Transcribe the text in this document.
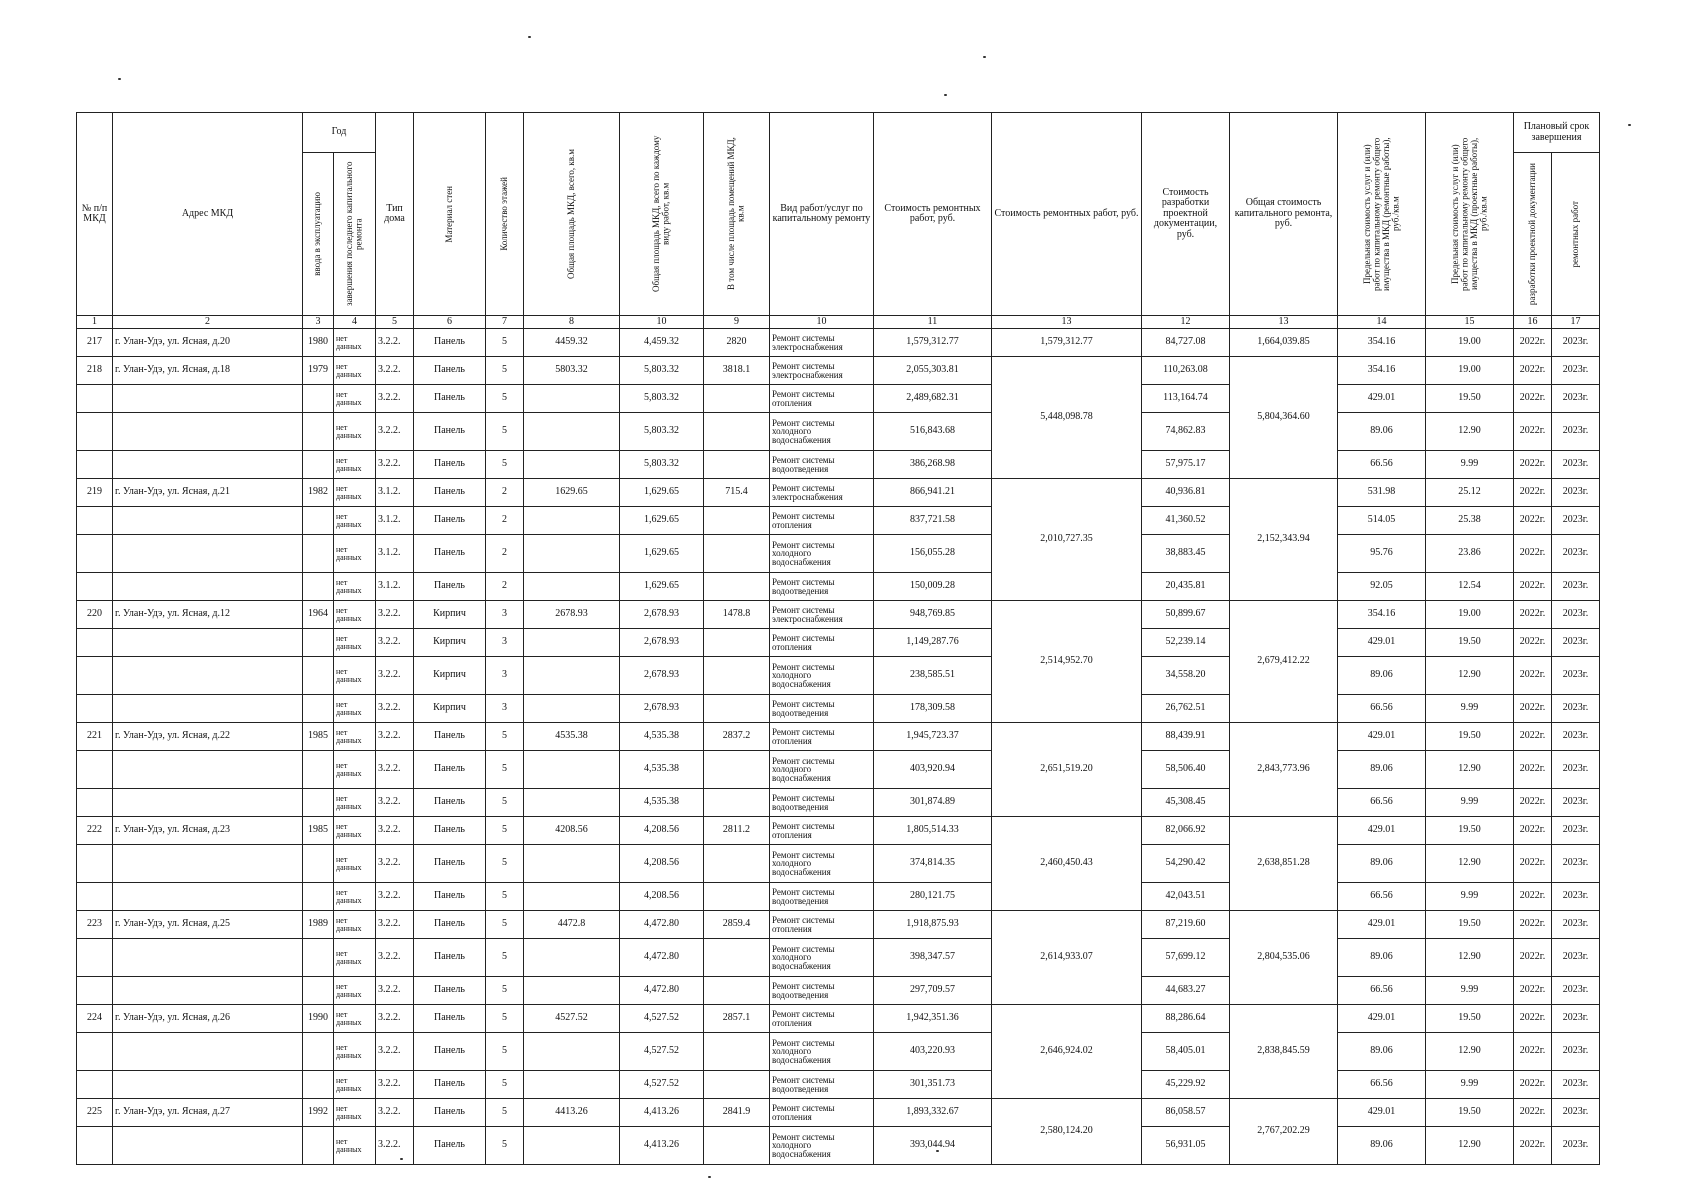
№ п/п МКД	Адрес МКД	Год		Тип дома	Материал стен	Количество этажей	Общая площадь МКД, всего, кв.м	Общая площадь МКД, всего по каждому виду работ, кв.м	В том числе площадь помещений МКД, кв.м	Вид работ/услуг по капитальному ремонту	Стоимость ремонтных работ, руб.	Стоимость ремонтных работ, руб.	Стоимость разработки проектной документации, руб.	Общая стоимость капитального ремонта, руб.	Предельная стоимость услуг и (или) работ по капитальному ремонту общего имущества в МКД (ремонтные работы), руб./кв.м	Предельная стоимость услуг и (или) работ по капитальному ремонту общего имущества в МКД (проектные работы), руб./кв.м	Плановый срок завершения	

		ввода в эксплуатацию	завершения последнего капитального ремонта														разработки проектной документации	ремонтных работ

1	2	3	4	5	6	7	8	10	9	10	11	13	12	13	14	15	16	17
217	г. Улан-Удэ, ул. Ясная, д.20	1980	нет данных	3.2.2.	Панель	5	4459.32	4,459.32	2820	Ремонт системы электроснабжения	1,579,312.77	1,579,312.77	84,727.08	1,664,039.85	354.16	19.00	2022г.	2023г.
218	г. Улан-Удэ, ул. Ясная, д.18	1979	нет данных	3.2.2.	Панель	5	5803.32	5,803.32	3818.1	Ремонт системы электроснабжения	2,055,303.81	5,448,098.78	110,263.08	5,804,364.60	354.16	19.00	2022г.	2023г.
			нет данных	3.2.2.	Панель	5		5,803.32		Ремонт системы отопления	2,489,682.31		113,164.74		429.01	19.50	2022г.	2023г.
			нет данных	3.2.2.	Панель	5		5,803.32		Ремонт системы холодного водоснабжения	516,843.68		74,862.83		89.06	12.90	2022г.	2023г.
			нет данных	3.2.2.	Панель	5		5,803.32		Ремонт системы водоотведения	386,268.98		57,975.17		66.56	9.99	2022г.	2023г.
219	г. Улан-Удэ, ул. Ясная, д.21	1982	нет данных	3.1.2.	Панель	2	1629.65	1,629.65	715.4	Ремонт системы электроснабжения	866,941.21	2,010,727.35	40,936.81	2,152,343.94	531.98	25.12	2022г.	2023г.
			нет данных	3.1.2.	Панель	2		1,629.65		Ремонт системы отопления	837,721.58		41,360.52		514.05	25.38	2022г.	2023г.
			нет данных	3.1.2.	Панель	2		1,629.65		Ремонт системы холодного водоснабжения	156,055.28		38,883.45		95.76	23.86	2022г.	2023г.
			нет данных	3.1.2.	Панель	2		1,629.65		Ремонт системы водоотведения	150,009.28		20,435.81		92.05	12.54	2022г.	2023г.
220	г. Улан-Удэ, ул. Ясная, д.12	1964	нет данных	3.2.2.	Кирпич	3	2678.93	2,678.93	1478.8	Ремонт системы электроснабжения	948,769.85	2,514,952.70	50,899.67	2,679,412.22	354.16	19.00	2022г.	2023г.
			нет данных	3.2.2.	Кирпич	3		2,678.93		Ремонт системы отопления	1,149,287.76		52,239.14		429.01	19.50	2022г.	2023г.
			нет данных	3.2.2.	Кирпич	3		2,678.93		Ремонт системы холодного водоснабжения	238,585.51		34,558.20		89.06	12.90	2022г.	2023г.
			нет данных	3.2.2.	Кирпич	3		2,678.93		Ремонт системы водоотведения	178,309.58		26,762.51		66.56	9.99	2022г.	2023г.
221	г. Улан-Удэ, ул. Ясная, д.22	1985	нет данных	3.2.2.	Панель	5	4535.38	4,535.38	2837.2	Ремонт системы отопления	1,945,723.37	2,651,519.20	88,439.91	2,843,773.96	429.01	19.50	2022г.	2023г.
			нет данных	3.2.2.	Панель	5		4,535.38		Ремонт системы холодного водоснабжения	403,920.94		58,506.40		89.06	12.90	2022г.	2023г.
			нет данных	3.2.2.	Панель	5		4,535.38		Ремонт системы водоотведения	301,874.89		45,308.45		66.56	9.99	2022г.	2023г.
222	г. Улан-Удэ, ул. Ясная, д.23	1985	нет данных	3.2.2.	Панель	5	4208.56	4,208.56	2811.2	Ремонт системы отопления	1,805,514.33	2,460,450.43	82,066.92	2,638,851.28	429.01	19.50	2022г.	2023г.
			нет данных	3.2.2.	Панель	5		4,208.56		Ремонт системы холодного водоснабжения	374,814.35		54,290.42		89.06	12.90	2022г.	2023г.
			нет данных	3.2.2.	Панель	5		4,208.56		Ремонт системы водоотведения	280,121.75		42,043.51		66.56	9.99	2022г.	2023г.
223	г. Улан-Удэ, ул. Ясная, д.25	1989	нет данных	3.2.2.	Панель	5	4472.8	4,472.80	2859.4	Ремонт системы отопления	1,918,875.93	2,614,933.07	87,219.60	2,804,535.06	429.01	19.50	2022г.	2023г.
			нет данных	3.2.2.	Панель	5		4,472.80		Ремонт системы холодного водоснабжения	398,347.57		57,699.12		89.06	12.90	2022г.	2023г.
			нет данных	3.2.2.	Панель	5		4,472.80		Ремонт системы водоотведения	297,709.57		44,683.27		66.56	9.99	2022г.	2023г.
224	г. Улан-Удэ, ул. Ясная, д.26	1990	нет данных	3.2.2.	Панель	5	4527.52	4,527.52	2857.1	Ремонт системы отопления	1,942,351.36	2,646,924.02	88,286.64	2,838,845.59	429.01	19.50	2022г.	2023г.
			нет данных	3.2.2.	Панель	5		4,527.52		Ремонт системы холодного водоснабжения	403,220.93		58,405.01		89.06	12.90	2022г.	2023г.
			нет данных	3.2.2.	Панель	5		4,527.52		Ремонт системы водоотведения	301,351.73		45,229.92		66.56	9.99	2022г.	2023г.
225	г. Улан-Удэ, ул. Ясная, д.27	1992	нет данных	3.2.2.	Панель	5	4413.26	4,413.26	2841.9	Ремонт системы отопления	1,893,332.67	2,580,124.20	86,058.57	2,767,202.29	429.01	19.50	2022г.	2023г.
			нет данных	3.2.2.	Панель	5		4,413.26		Ремонт системы холодного водоснабжения	393,044.94		56,931.05		89.06	12.90	2022г.	2023г.
